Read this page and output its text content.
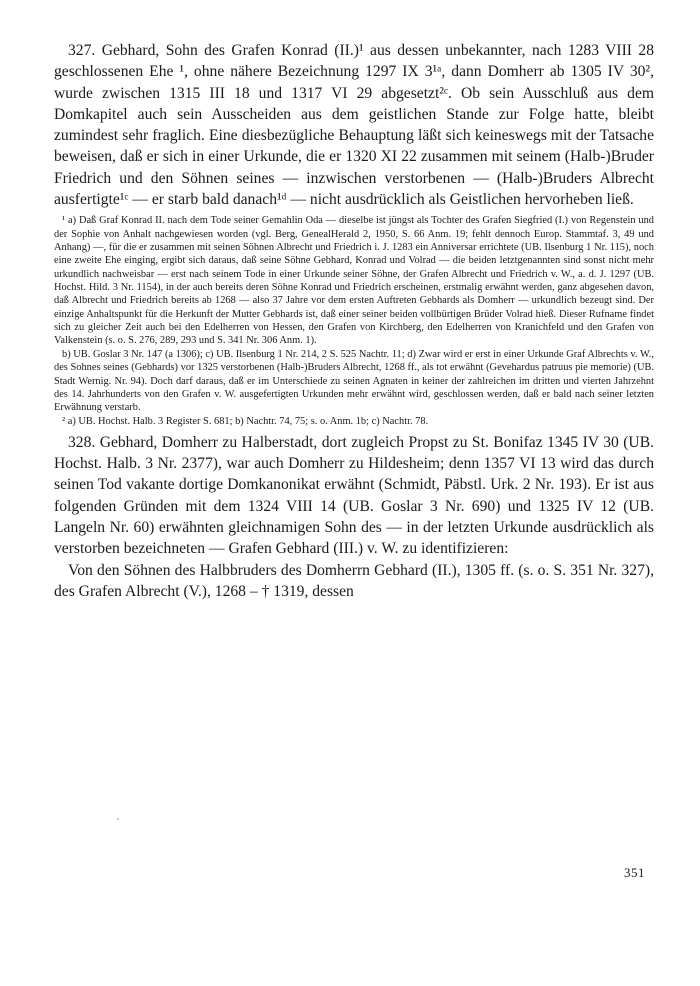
327. Gebhard, Sohn des Grafen Konrad (II.)¹ aus dessen unbekannter, nach 1283 VIII 28 geschlossenen Ehe ¹, ohne nähere Bezeichnung 1297 IX 3¹ᵃ, dann Domherr ab 1305 IV 30², wurde zwischen 1315 III 18 und 1317 VI 29 abgesetzt²ᶜ. Ob sein Ausschluß aus dem Domkapitel auch sein Ausscheiden aus dem geistlichen Stande zur Folge hatte, bleibt zumindest sehr fraglich. Eine diesbezügliche Behauptung läßt sich keineswegs mit der Tatsache beweisen, daß er sich in einer Urkunde, die er 1320 XI 22 zusammen mit seinem (Halb-)Bruder Friedrich und den Söhnen seines — inzwischen verstorbenen — (Halb-)Bruders Albrecht ausfertigte¹ᶜ — er starb bald danach¹ᵈ — nicht ausdrücklich als Geistlichen hervorheben ließ.

¹ a) Daß Graf Konrad II. nach dem Tode seiner Gemahlin Oda — dieselbe ist jüngst als Tochter des Grafen Siegfried (I.) von Regenstein und der Sophie von Anhalt nachgewiesen worden (vgl. Berg, GenealHerald 2, 1950, S. 66 Anm. 19; fehlt dennoch Europ. Stammtaf. 3, 49 und Anhang) —, für die er zusammen mit seinen Söhnen Albrecht und Friedrich i. J. 1283 ein Anniversar errichtete (UB. Ilsenburg 1 Nr. 115), noch eine zweite Ehe einging, ergibt sich daraus, daß seine Söhne Gebhard, Konrad und Volrad — die beiden letztgenannten sind sonst nicht mehr urkundlich nachweisbar — erst nach seinem Tode in einer Urkunde seiner Söhne, der Grafen Albrecht und Friedrich v. W., a. d. J. 1297 (UB. Hochst. Hild. 3 Nr. 1154), in der auch bereits deren Söhne Konrad und Friedrich erscheinen, erstmalig erwähnt werden, ganz abgesehen davon, daß Albrecht und Friedrich bereits ab 1268 — also 37 Jahre vor dem ersten Auftreten Gebhards als Domherr — urkundlich bezeugt sind. Der einzige Anhaltspunkt für die Herkunft der Mutter Gebhards ist, daß einer seiner beiden vollbürtigen Brüder Volrad hieß. Dieser Rufname findet sich zu gleicher Zeit auch bei den Edelherren von Hessen, den Grafen von Kirchberg, den Edelherren von Kranichfeld und den Grafen von Valkenstein (s. o. S. 276, 289, 293 und S. 341 Nr. 306 Anm. 1).

b) UB. Goslar 3 Nr. 147 (a 1306); c) UB. Ilsenburg 1 Nr. 214, 2 S. 525 Nachtr. 11; d) Zwar wird er erst in einer Urkunde Graf Albrechts v. W., des Sohnes seines (Gebhards) vor 1325 verstorbenen (Halb-)Bruders Albrecht, 1268 ff., als tot erwähnt (Gevehardus patruus pie memorie) (UB. Stadt Wernig. Nr. 94). Doch darf daraus, daß er im Unterschiede zu seinen Agnaten in keiner der zahlreichen im dritten und vierten Jahrzehnt des 14. Jahrhunderts von den Grafen v. W. ausgefertigten Urkunden mehr erwähnt wird, geschlossen werden, daß er bald nach seiner letzten Erwähnung verstarb.

² a) UB. Hochst. Halb. 3 Register S. 681; b) Nachtr. 74, 75; s. o. Anm. 1b; c) Nachtr. 78.

328. Gebhard, Domherr zu Halberstadt, dort zugleich Propst zu St. Bonifaz 1345 IV 30 (UB. Hochst. Halb. 3 Nr. 2377), war auch Domherr zu Hildesheim; denn 1357 VI 13 wird das durch seinen Tod vakante dortige Domkanonikat erwähnt (Schmidt, Päbstl. Urk. 2 Nr. 193). Er ist aus folgenden Gründen mit dem 1324 VIII 14 (UB. Goslar 3 Nr. 690) und 1325 IV 12 (UB. Langeln Nr. 60) erwähnten gleichnamigen Sohn des — in der letzten Urkunde ausdrücklich als verstorben bezeichneten — Grafen Gebhard (III.) v. W. zu identifizieren:

Von den Söhnen des Halbbruders des Domherrn Gebhard (II.), 1305 ff. (s. o. S. 351 Nr. 327), des Grafen Albrecht (V.), 1268 – † 1319, dessen

351
